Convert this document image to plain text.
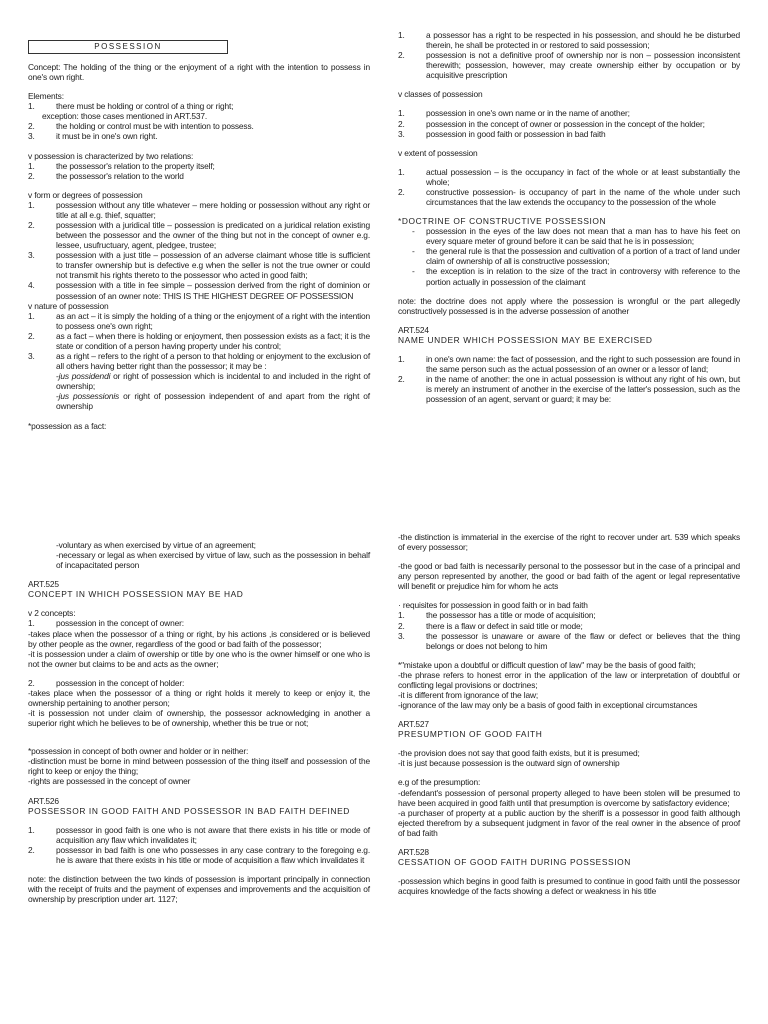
POSSESSION

Concept: The holding of the thing or the enjoyment of a right with the intention to possess in one's own right.

Elements:

1.	there must be holding or control of a thing or right;

exception: those cases mentioned in ART.537.

2.	the holding or control must be with intention to possess.
3.	it must be in one's own right.

v possession is characterized by two relations:

1.	the possessor's relation to the property itself;
2.	the possessor's relation to the world

v form or degrees of possession

1.	possession without any title whatever – mere holding or possession without any right or title at all e.g. thief, squatter;
2.	possession with a juridical title – possession is predicated on a juridical relation existing between the possessor and the owner of the thing but not in the concept of owner e.g. lessee, usufructuary, agent, pledgee, trustee;
3.	possession with a just title – possession of an adverse claimant whose title is sufficient to transfer ownership but is defective e.g when the seller is not the true owner or could not transmit his rights thereto to the possessor who acted in good faith;
4.	possession with a title in fee simple – possession derived from the right of dominion or possession of an owner note: THIS IS THE HIGHEST DEGREE OF POSSESSION

v nature of possession

1.	as an act – it is simply the holding of a thing or the enjoyment of a right with the intention to possess one's own right;
2.	as a fact – when there is holding or enjoyment, then possession exists as a fact; it is the state or condition of a person having property under his control;
3.	as a right – refers to the right of a person to that holding or enjoyment to the exclusion of all others having better right than the possessor; it may be :

-jus possidendi or right of possession which is incidental to and included in the right of ownership;

-jus possessionis or right of possession independent of and apart from the right of ownership

*possession as a fact:

1.	a possessor has a right to be respected in his possession, and should he be disturbed therein, he shall be protected in or restored to said possession;
2.	possession is not a definitive proof of ownership nor is non – possession inconsistent therewith; possession, however, may create ownership either by occupation or by acquisitive prescription

v classes of possession

1.	possession in one's own name or in the name of another;
2.	possession in the concept of owner or possession in the concept of the holder;
3.	possession in good faith or possession in bad faith

v extent of possession

1.	actual possession – is the occupancy in fact of the whole or at least substantially the whole;
2.	constructive possession- is occupancy of part in the name of the whole under such circumstances that the law extends the occupancy to the possession of the whole

*DOCTRINE OF CONSTRUCTIVE POSSESSION

-	possession in the eyes of the law does not mean that a man has to have his feet on every square meter of ground before it can be said that he is in possession;
-	the general rule is that the possession and cultivation of a portion of a tract of land under claim of ownership of all is constructive possession;
-	the exception is in relation to the size of the tract in controversy with reference to the portion actually in possession of the claimant

note: the doctrine does not apply where the possession is wrongful or the part allegedly constructively possessed is in the adverse possession of another

ART.524

NAME UNDER WHICH POSSESSION MAY BE EXERCISED

1.	in one's own name: the fact of possession, and the right to such possession are found in the same person such as the actual possession of an owner or a lessor of land;
2.	in the name of another: the one in actual possession is without any right of his own, but is merely an instrument of another in the exercise of the latter's possession, such as the possession of an agent, servant or guard; it may be:

-voluntary as when exercised by virtue of an agreement;

-necessary or legal as when exercised by virtue of law, such as the possession in behalf of incapacitated person

ART.525

CONCEPT IN WHICH POSSESSION MAY BE HAD

v 2 concepts:

1.	possession in the concept of owner:

-takes place when the possessor of a thing or right, by his actions ,is considered or is believed by other people as the owner, regardless of the good or bad faith of the possessor;

-it is possession under a claim of owership or title by one who is the owner himself or one who is not the owner but claims to be and acts as the owner;

2.	possession in the concept of holder:

-takes place when the possessor of a thing or right holds it merely to keep or enjoy it, the ownership pertaining to another person;

-it is possession not under claim of ownership, the possessor acknowledging in another a superior right which he believes to be of ownership, whether this be true or not;

*possession in concept of both owner and holder or in neither:

-distinction must be borne in mind between possession of the thing itself and possession of the right to keep or enjoy the thing;

-rights are possessed in the concept of owner

ART.526

POSSESSOR IN GOOD FAITH AND POSSESSOR IN BAD FAITH DEFINED

1.	possessor in good faith is one who is not aware that there exists in his title or mode of acquisition any flaw which invalidates it;
2.	possessor in bad faith is one who possesses in any case contrary to the foregoing e.g. he is aware that there exists in his title or mode of acquisition a flaw which invalidates it

note: the distinction between the two kinds of possession is important principally in connection with the receipt of fruits and the payment of expenses and improvements and the acquisition of ownership by prescription under art. 1127;

-the distinction is immaterial in the exercise of the right to recover under art. 539 which speaks of every possessor;

-the good or bad faith is necessarily personal to the possessor but in the case of a principal and any person represented by another, the good or bad faith of the agent or legal representative will benefit or prejudice him for whom he acts

· requisites for possession in good faith or in bad faith

1.	the possessor has a title or mode of acquisition;
2.	there is a flaw or defect in said title or mode;
3.	the possessor is unaware or aware of the flaw or defect or believes that the thing belongs or does not belong to him

*"mistake upon a doubtful or difficult question of law" may be the basis of good faith;

-the phrase refers to honest error in the application of the law or interpretation of doubtful or conflicting legal provisions or doctrines;

-it is different from ignorance of the law;

-ignorance of the law may only be a basis of good faith in exceptional circumstances

ART.527

PRESUMPTION OF GOOD FAITH

-the provision does not say that good faith exists, but it is presumed;

-it is just because possession is the outward sign of ownership

e.g of the presumption:

-defendant's possession of personal property alleged to have been stolen will be presumed to have been acquired in good faith until that presumption is overcome by satisfactory evidence;

-a purchaser of property at a public auction by the sheriff is a possessor in good faith although ejected therefrom by a subsequent judgment in favor of the real owner in the absence of proof of bad faith

ART.528

CESSATION OF GOOD FAITH DURING POSSESSION

-possession which begins in good faith is presumed to continue in good faith until the possessor acquires knowledge of the facts showing a defect or weakness in his title
